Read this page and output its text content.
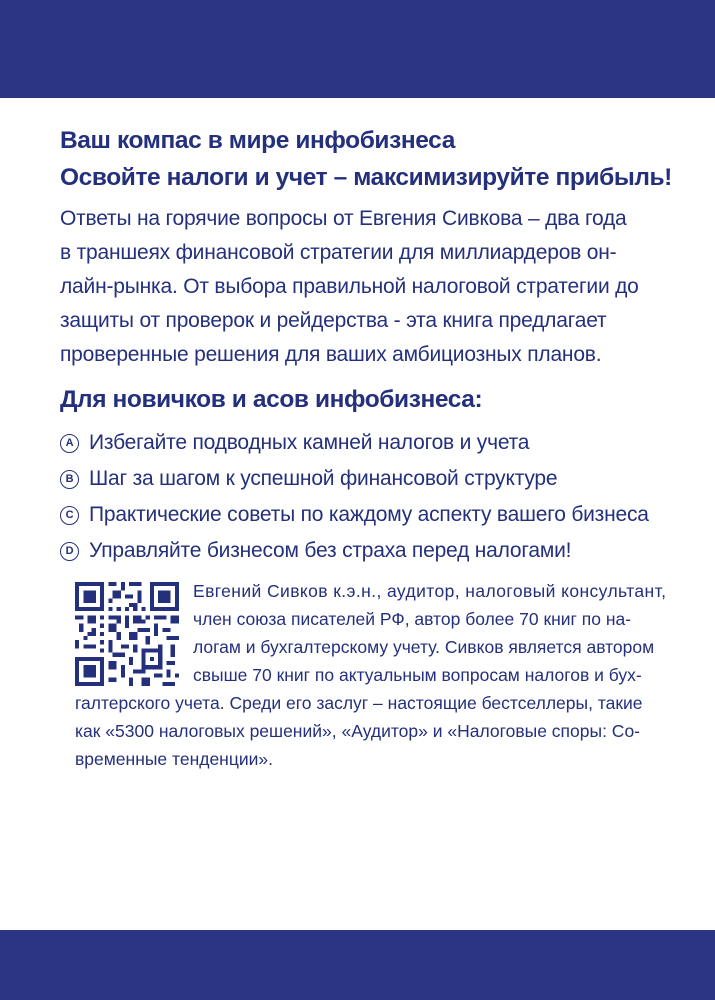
Ваш компас в мире инфобизнеса
Освойте налоги и учет – максимизируйте прибыль!
Ответы на горячие вопросы от Евгения Сивкова – два года
в траншеях финансовой стратегии для миллиардеров он-
лайн-рынка. От выбора правильной налоговой стратегии до
защиты от проверок и рейдерства - эта книга предлагает
проверенные решения для ваших амбициозных планов.
Для новичков и асов инфобизнеса:
A Избегайте подводных камней налогов и учета
B Шаг за шагом к успешной финансовой структуре
C Практические советы по каждому аспекту вашего бизнеса
D Управляйте бизнесом без страха перед налогами!
Евгений Сивков к.э.н., аудитор, налоговый консультант,
член союза писателей РФ, автор более 70 книг по на-
логам и бухгалтерскому учету. Сивков является автором
свыше 70 книг по актуальным вопросам налогов и бух-
галтерского учета. Среди его заслуг – настоящие бестселлеры, такие
как «5300 налоговых решений», «Аудитор» и «Налоговые споры: Со-
временные тенденции».
